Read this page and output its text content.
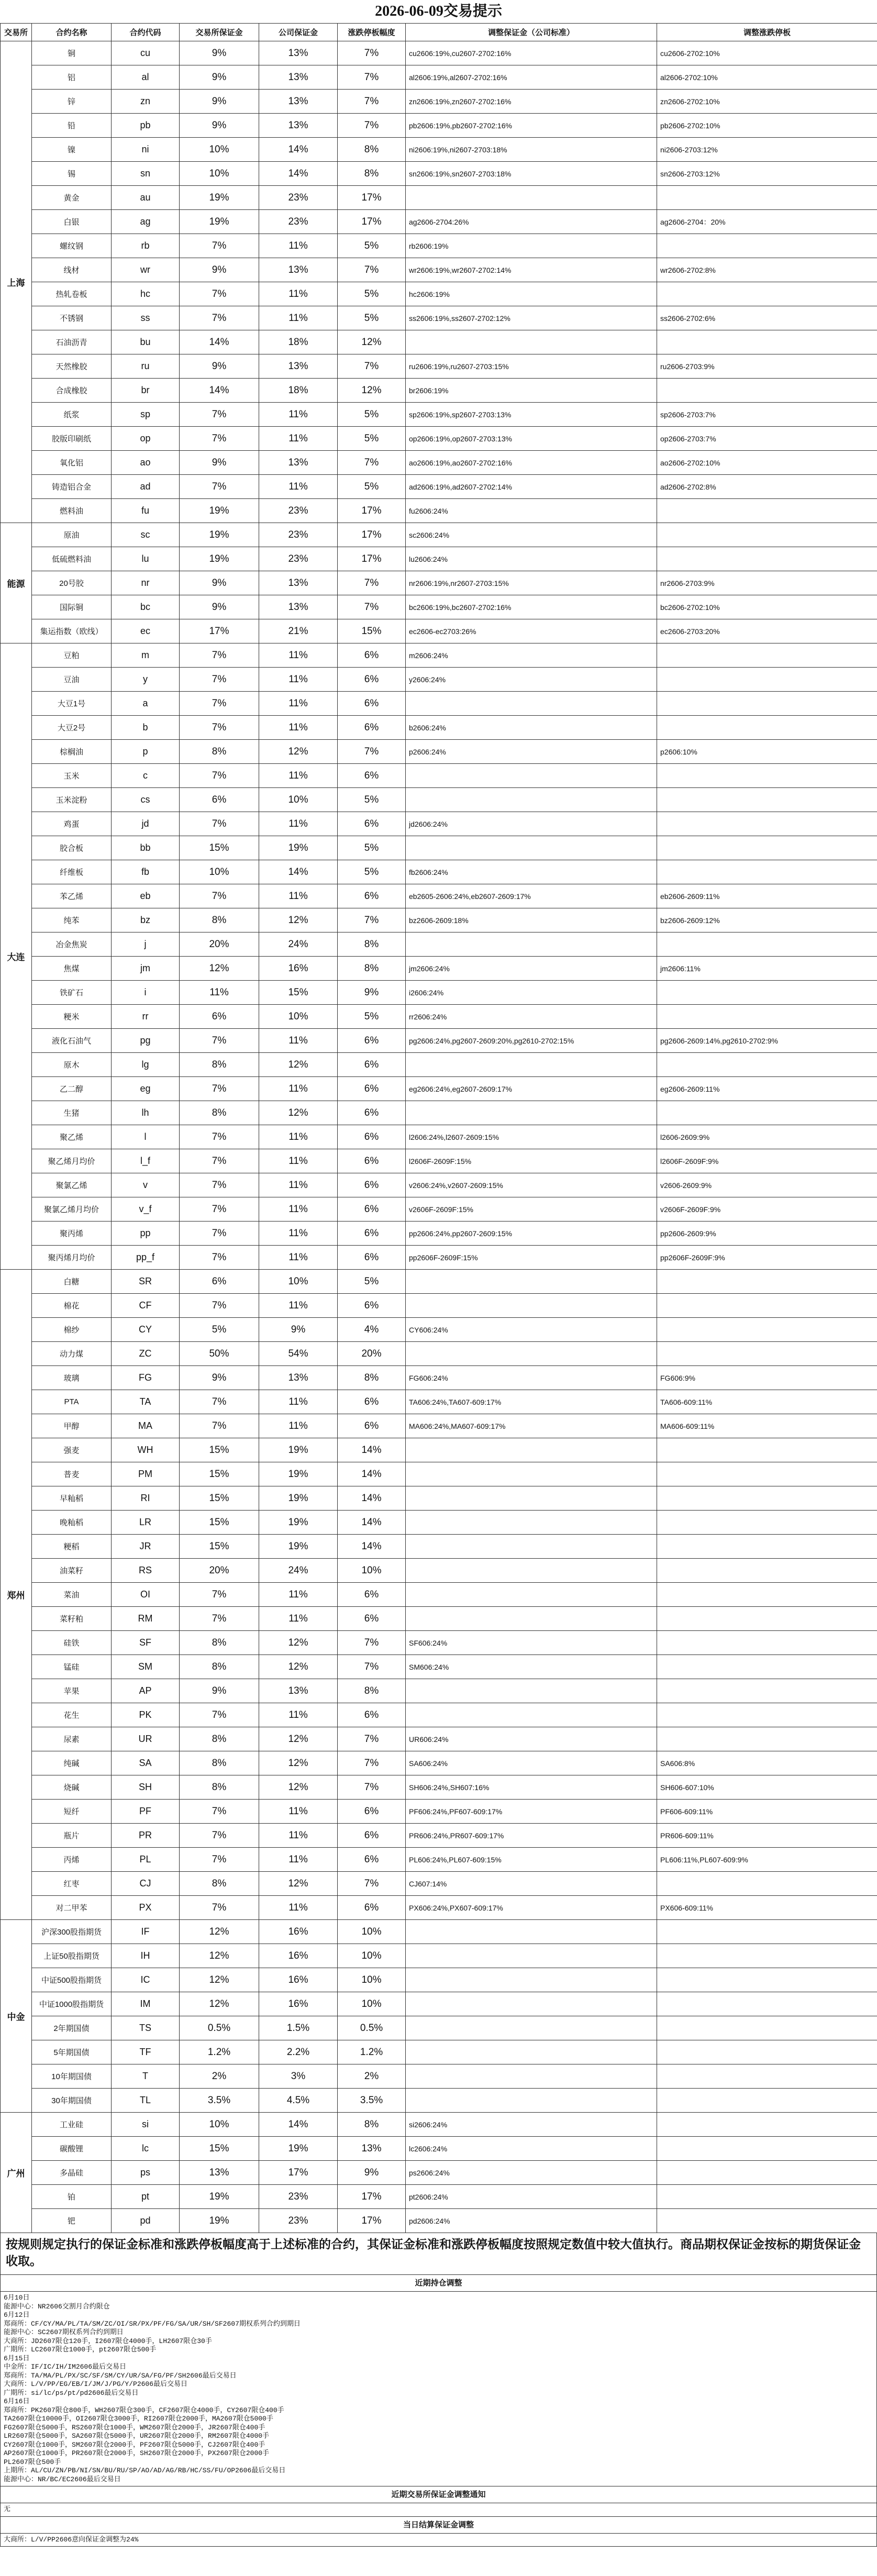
2026-06-09交易提示
交易所	合约名称	合约代码	交易所保证金	公司保证金	涨跌停板幅度	调整保证金（公司标准）	调整涨跌停板
上海	铜	cu	9%	13%	7%	cu2606:19%,cu2607-2702:16%	cu2606-2702:10%
	铝	al	9%	13%	7%	al2606:19%,al2607-2702:16%	al2606-2702:10%
	锌	zn	9%	13%	7%	zn2606:19%,zn2607-2702:16%	zn2606-2702:10%
	铅	pb	9%	13%	7%	pb2606:19%,pb2607-2702:16%	pb2606-2702:10%
	镍	ni	10%	14%	8%	ni2606:19%,ni2607-2703:18%	ni2606-2703:12%
	锡	sn	10%	14%	8%	sn2606:19%,sn2607-2703:18%	sn2606-2703:12%
	黄金	au	19%	23%	17%		
	白银	ag	19%	23%	17%	ag2606-2704:26%	ag2606-2704：20%
	螺纹钢	rb	7%	11%	5%	rb2606:19%	
	线材	wr	9%	13%	7%	wr2606:19%,wr2607-2702:14%	wr2606-2702:8%
	热轧卷板	hc	7%	11%	5%	hc2606:19%	
	不锈钢	ss	7%	11%	5%	ss2606:19%,ss2607-2702:12%	ss2606-2702:6%
	石油沥青	bu	14%	18%	12%		
	天然橡胶	ru	9%	13%	7%	ru2606:19%,ru2607-2703:15%	ru2606-2703:9%
	合成橡胶	br	14%	18%	12%	br2606:19%	
	纸浆	sp	7%	11%	5%	sp2606:19%,sp2607-2703:13%	sp2606-2703:7%
	胶版印刷纸	op	7%	11%	5%	op2606:19%,op2607-2703:13%	op2606-2703:7%
	氧化铝	ao	9%	13%	7%	ao2606:19%,ao2607-2702:16%	ao2606-2702:10%
	铸造铝合金	ad	7%	11%	5%	ad2606:19%,ad2607-2702:14%	ad2606-2702:8%
	燃料油	fu	19%	23%	17%	fu2606:24%	
能源	原油	sc	19%	23%	17%	sc2606:24%	
	低硫燃料油	lu	19%	23%	17%	lu2606:24%	
	20号胶	nr	9%	13%	7%	nr2606:19%,nr2607-2703:15%	nr2606-2703:9%
	国际铜	bc	9%	13%	7%	bc2606:19%,bc2607-2702:16%	bc2606-2702:10%
	集运指数（欧线）	ec	17%	21%	15%	ec2606-ec2703:26%	ec2606-2703:20%
大连	豆粕	m	7%	11%	6%	m2606:24%	
	豆油	y	7%	11%	6%	y2606:24%	
	大豆1号	a	7%	11%	6%		
	大豆2号	b	7%	11%	6%	b2606:24%	
	棕榈油	p	8%	12%	7%	p2606:24%	p2606:10%
	玉米	c	7%	11%	6%		
	玉米淀粉	cs	6%	10%	5%		
	鸡蛋	jd	7%	11%	6%	jd2606:24%	
	胶合板	bb	15%	19%	5%		
	纤维板	fb	10%	14%	5%	fb2606:24%	
	苯乙烯	eb	7%	11%	6%	eb2605-2606:24%,eb2607-2609:17%	eb2606-2609:11%
	纯苯	bz	8%	12%	7%	bz2606-2609:18%	bz2606-2609:12%
	冶金焦炭	j	20%	24%	8%		
	焦煤	jm	12%	16%	8%	jm2606:24%	jm2606:11%
	铁矿石	i	11%	15%	9%	i2606:24%	
	粳米	rr	6%	10%	5%	rr2606:24%	
	液化石油气	pg	7%	11%	6%	pg2606:24%,pg2607-2609:20%,pg2610-2702:15%	pg2606-2609:14%,pg2610-2702:9%
	原木	lg	8%	12%	6%		
	乙二醇	eg	7%	11%	6%	eg2606:24%,eg2607-2609:17%	eg2606-2609:11%
	生猪	lh	8%	12%	6%		
	聚乙烯	l	7%	11%	6%	l2606:24%,l2607-2609:15%	l2606-2609:9%
	聚乙烯月均价	l_f	7%	11%	6%	l2606F-2609F:15%	l2606F-2609F:9%
	聚氯乙烯	v	7%	11%	6%	v2606:24%,v2607-2609:15%	v2606-2609:9%
	聚氯乙烯月均价	v_f	7%	11%	6%	v2606F-2609F:15%	v2606F-2609F:9%
	聚丙烯	pp	7%	11%	6%	pp2606:24%,pp2607-2609:15%	pp2606-2609:9%
	聚丙烯月均价	pp_f	7%	11%	6%	pp2606F-2609F:15%	pp2606F-2609F:9%
郑州	白糖	SR	6%	10%	5%		
	棉花	CF	7%	11%	6%		
	棉纱	CY	5%	9%	4%	CY606:24%	
	动力煤	ZC	50%	54%	20%		
	玻璃	FG	9%	13%	8%	FG606:24%	FG606:9%
	PTA	TA	7%	11%	6%	TA606:24%,TA607-609:17%	TA606-609:11%
	甲醇	MA	7%	11%	6%	MA606:24%,MA607-609:17%	MA606-609:11%
	强麦	WH	15%	19%	14%		
	普麦	PM	15%	19%	14%		
	早籼稻	RI	15%	19%	14%		
	晚籼稻	LR	15%	19%	14%		
	粳稻	JR	15%	19%	14%		
	油菜籽	RS	20%	24%	10%		
	菜油	OI	7%	11%	6%		
	菜籽粕	RM	7%	11%	6%		
	硅铁	SF	8%	12%	7%	SF606:24%	
	锰硅	SM	8%	12%	7%	SM606:24%	
	苹果	AP	9%	13%	8%		
	花生	PK	7%	11%	6%		
	尿素	UR	8%	12%	7%	UR606:24%	
	纯碱	SA	8%	12%	7%	SA606:24%	SA606:8%
	烧碱	SH	8%	12%	7%	SH606:24%,SH607:16%	SH606-607:10%
	短纤	PF	7%	11%	6%	PF606:24%,PF607-609:17%	PF606-609:11%
	瓶片	PR	7%	11%	6%	PR606:24%,PR607-609:17%	PR606-609:11%
	丙烯	PL	7%	11%	6%	PL606:24%,PL607-609:15%	PL606:11%,PL607-609:9%
	红枣	CJ	8%	12%	7%	CJ607:14%	
	对二甲苯	PX	7%	11%	6%	PX606:24%,PX607-609:17%	PX606-609:11%
中金	沪深300股指期货	IF	12%	16%	10%		
	上证50股指期货	IH	12%	16%	10%		
	中证500股指期货	IC	12%	16%	10%		
	中证1000股指期货	IM	12%	16%	10%		
	2年期国债	TS	0.5%	1.5%	0.5%		
	5年期国债	TF	1.2%	2.2%	1.2%		
	10年期国债	T	2%	3%	2%		
	30年期国债	TL	3.5%	4.5%	3.5%		
广州	工业硅	si	10%	14%	8%	si2606:24%	
	碳酸锂	lc	15%	19%	13%	lc2606:24%	
	多晶硅	ps	13%	17%	9%	ps2606:24%	
	铂	pt	19%	23%	17%	pt2606:24%	
	钯	pd	19%	23%	17%	pd2606:24%	
按规则规定执行的保证金标准和涨跌停板幅度高于上述标准的合约，其保证金标准和涨跌停板幅度按照规定数值中较大值执行。商品期权保证金按标的期货保证金收取。
近期持仓调整
6月10日
能源中心：NR2606交割月合约限仓
6月12日
郑商所：CF/CY/MA/PL/TA/SM/ZC/OI/SR/PX/PF/FG/SA/UR/SH/SF2607期权系列合约到期日
能源中心：SC2607期权系列合约到期日
大商所：JD2607限仓120手，I2607限仓4000手，LH2607限仓30手
广期所：LC2607限仓1000手，pt2607限仓500手
6月15日
中金所：IF/IC/IH/IM2606最后交易日
郑商所：TA/MA/PL/PX/SC/SF/SM/CY/UR/SA/FG/PF/SH2606最后交易日
大商所：L/V/PP/EG/EB/I/JM/J/PG/Y/P2606最后交易日
广期所：si/lc/ps/pt/pd2606最后交易日
6月16日
郑商所：PK2607限仓800手，WH2607限仓300手，CF2607限仓4000手，CY2607限仓400手
TA2607限仓10000手，OI2607限仓3000手，RI2607限仓2000手，MA2607限仓5000手
FG2607限仓5000手，RS2607限仓1000手，WM2607限仓2000手，JR2607限仓400手
LR2607限仓5000手，SA2607限仓5000手，UR2607限仓2000手，RM2607限仓4000手
CY2607限仓1000手，SM2607限仓2000手，PF2607限仓5000手，CJ2607限仓400手
AP2607限仓1000手，PR2607限仓2000手，SH2607限仓2000手，PX2607限仓2000手
PL2607限仓500手
上期所：AL/CU/ZN/PB/NI/SN/BU/RU/SP/AO/AD/AG/RB/HC/SS/FU/OP2606最后交易日
能源中心：NR/BC/EC2606最后交易日
近期交易所保证金调整通知
无
当日结算保证金调整
大商所：L/V/PP2606意向保证金调整为24%
